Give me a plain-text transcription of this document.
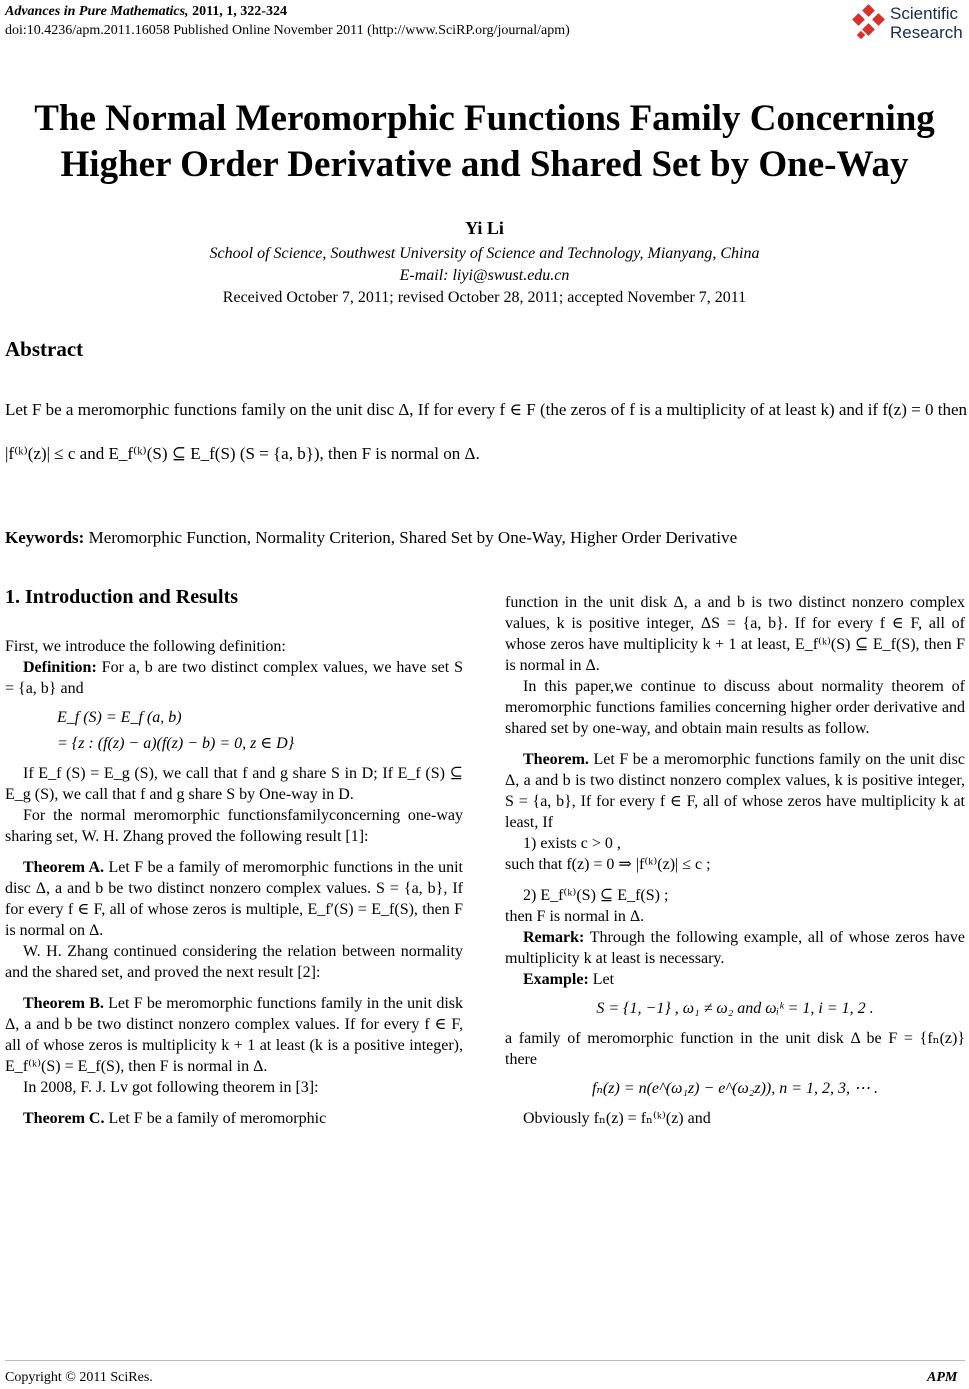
Advances in Pure Mathematics, 2011, 1, 322-324
doi:10.4236/apm.2011.16058 Published Online November 2011 (http://www.SciRP.org/journal/apm)
Scientific
Research
The Normal Meromorphic Functions Family Concerning
Higher Order Derivative and Shared Set by One-Way
Yi Li
School of Science, Southwest University of Science and Technology, Mianyang, China
E-mail: liyi@swust.edu.cn
Received October 7, 2011; revised October 28, 2011; accepted November 7, 2011
Abstract
Let F be a meromorphic functions family on the unit disc Δ, If for every f ∈ F (the zeros of f is a multiplicity of at least k) and if f(z) = 0 then |f⁽ᵏ⁾(z)| ≤ c and E_f⁽ᵏ⁾(S) ⊆ E_f(S) (S = {a, b}), then F is normal on Δ.
Keywords: Meromorphic Function, Normality Criterion, Shared Set by One-Way, Higher Order Derivative
1. Introduction and Results

First, we introduce the following definition:

Definition: For a, b are two distinct complex values, we have set S = {a, b} and

E_f (S) = E_f (a, b)
= {z : (f(z) − a)(f(z) − b) = 0, z ∈ D}

If E_f (S) = E_g (S), we call that f and g share S in D; If E_f (S) ⊆ E_g (S), we call that f and g share S by One-way in D.

For the normal meromorphic functionsfamilyconcerning one-way sharing set, W. H. Zhang proved the following result [1]:

Theorem A. Let F be a family of meromorphic functions in the unit disc Δ, a and b be two distinct nonzero complex values. S = {a, b}, If for every f ∈ F, all of whose zeros is multiple, E_f′(S) = E_f(S), then F is normal on Δ.

W. H. Zhang continued considering the relation between normality and the shared set, and proved the next result [2]:

Theorem B. Let F be meromorphic functions family in the unit disk Δ, a and b be two distinct nonzero complex values. If for every f ∈ F, all of whose zeros is multiplicity k + 1 at least (k is a positive integer), E_f⁽ᵏ⁾(S) = E_f(S), then F is normal in Δ.

In 2008, F. J. Lv got following theorem in [3]:

Theorem C. Let F be a family of meromorphic

function in the unit disk Δ, a and b is two distinct nonzero complex values, k is positive integer, ΔS = {a, b}. If for every f ∈ F, all of whose zeros have multiplicity k + 1 at least, E_f⁽ᵏ⁾(S) ⊆ E_f(S), then F is normal in Δ.

In this paper,we continue to discuss about normality theorem of meromorphic functions families concerning higher order derivative and shared set by one-way, and obtain main results as follow.

Theorem. Let F be a meromorphic functions family on the unit disc Δ, a and b is two distinct nonzero complex values, k is positive integer, S = {a, b}, If for every f ∈ F, all of whose zeros have multiplicity k at least, If

1) exists c > 0 ,

such that f(z) = 0 ⇒ |f⁽ᵏ⁾(z)| ≤ c ;

2) E_f⁽ᵏ⁾(S) ⊆ E_f(S) ;

then F is normal in Δ.

Remark: Through the following example, all of whose zeros have multiplicity k at least is necessary.

Example: Let

S = {1, −1} , ω₁ ≠ ω₂ and ωᵢᵏ = 1, i = 1, 2 .

a family of meromorphic function in the unit disk Δ be F = {fₙ(z)} there

fₙ(z) = n(e^(ω₁z) − e^(ω₂z)), n = 1, 2, 3, ⋯ .

Obviously fₙ(z) = fₙ⁽ᵏ⁾(z) and

Copyright © 2011 SciRes.	APM
